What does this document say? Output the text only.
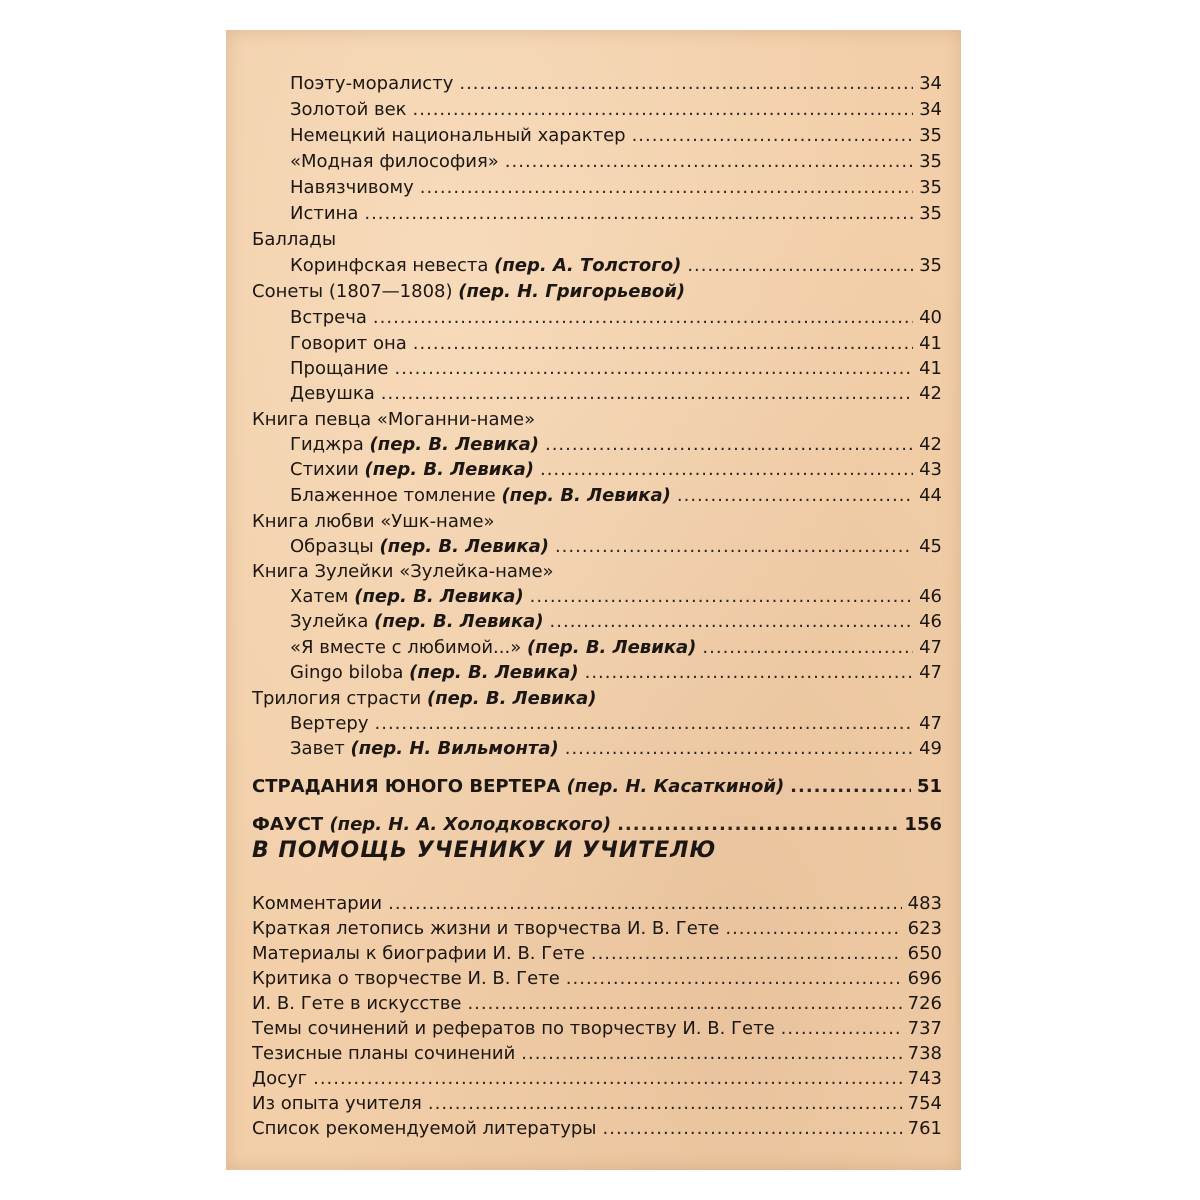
Поэту-моралисту .....	34
Золотой век .....	34
Немецкий национальный характер .....	35
«Модная философия» .....	35
Навязчивому .....	35
Истина .....	35
Баллады
Коринфская невеста (пер. А. Толстого) .....	35
Сонеты (1807—1808) (пер. Н. Григорьевой)
Встреча .....	40
Говорит она .....	41
Прощание .....	41
Девушка .....	42
Книга певца «Моганни-наме»
Гиджра (пер. В. Левика) .....	42
Стихии (пер. В. Левика) .....	43
Блаженное томление (пер. В. Левика) .....	44
Книга любви «Ушк-наме»
Образцы (пер. В. Левика) .....	45
Книга Зулейки «Зулейка-наме»
Хатем (пер. В. Левика) .....	46
Зулейка (пер. В. Левика) .....	46
«Я вместе с любимой...» (пер. В. Левика) .....	47
Gingo biloba (пер. В. Левика) .....	47
Трилогия страсти (пер. В. Левика)
Вертеру .....	47
Завет (пер. Н. Вильмонта) .....	49
СТРАДАНИЯ ЮНОГО ВЕРТЕРА (пер. Н. Касаткиной) .....	51
ФАУСТ (пер. Н. А. Холодковского) .....	156
В ПОМОЩЬ УЧЕНИКУ И УЧИТЕЛЮ
Комментарии .....	483
Краткая летопись жизни и творчества И. В. Гете .....	623
Материалы к биографии И. В. Гете .....	650
Критика о творчестве И. В. Гете .....	696
И. В. Гете в искусстве .....	726
Темы сочинений и рефератов по творчеству И. В. Гете .....	737
Тезисные планы сочинений .....	738
Досуг .....	743
Из опыта учителя .....	754
Список рекомендуемой литературы .....	761
